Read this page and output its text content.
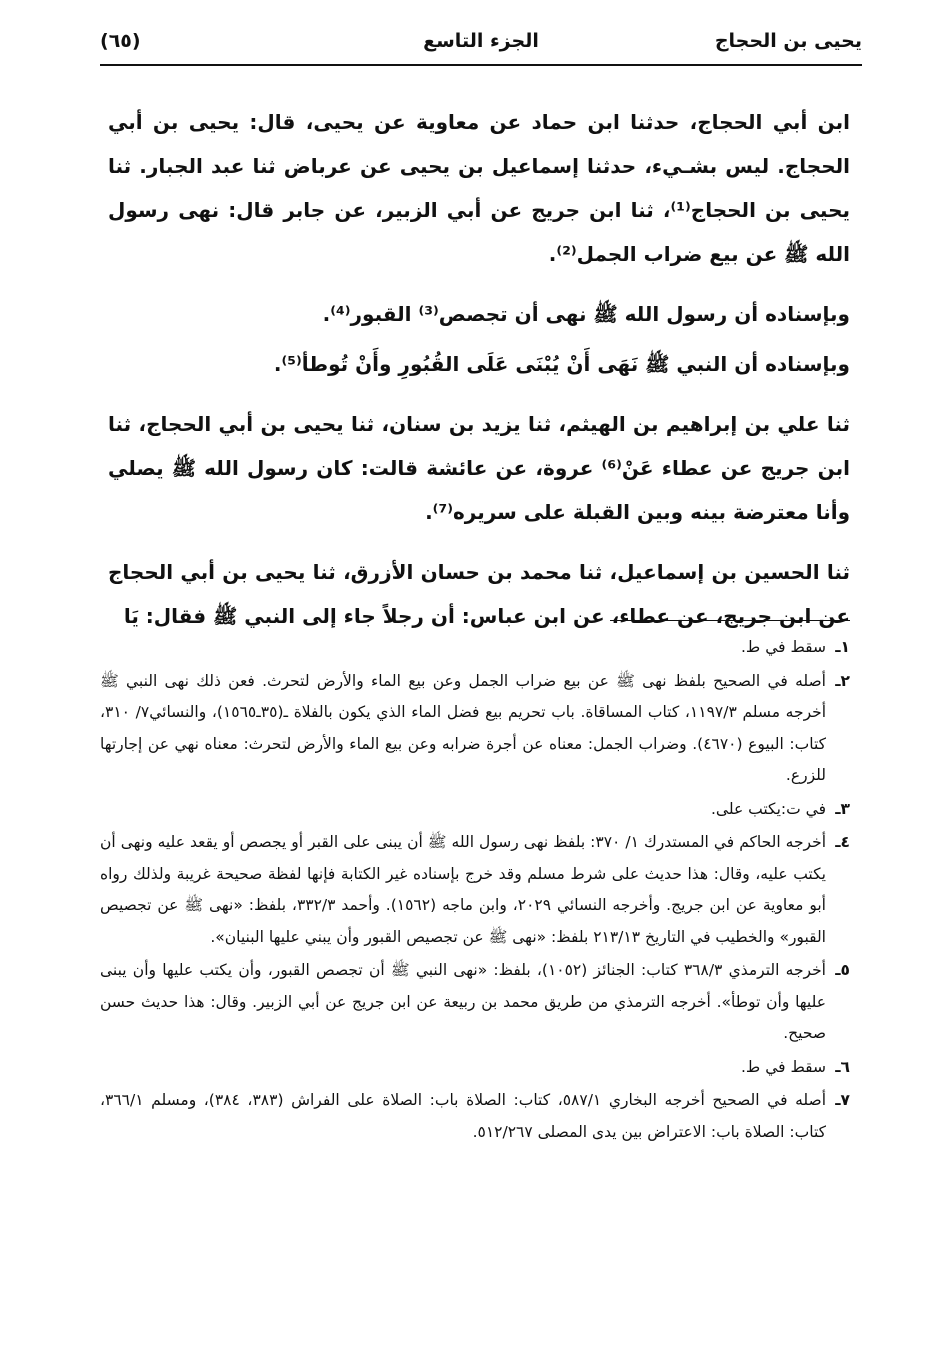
يحيى بن الحجاج
الجزء التاسع
(٦٥)

ابن أبي الحجاج، حدثنا ابن حماد عن معاوية عن يحيى، قال: يحيى بن أبي الحجاج. ليس بشـيء، حدثنا إسماعيل بن يحيى عن عرباض ثنا عبد الجبار. ثنا يحيى بن الحجاج⁽¹⁾، ثنا ابن جريج عن أبي الزبير، عن جابر قال: نهى رسول الله ﷺ عن بيع ضراب الجمل⁽²⁾.

وبإسناده أن رسول الله ﷺ نهى أن تجصص⁽³⁾ القبور⁽⁴⁾.

وبإسناده أن النبي ﷺ نَهَى أَنْ يُبْنَى عَلَى القُبُورِ وأَنْ تُوطأ⁽⁵⁾.

ثنا علي بن إبراهيم بن الهيثم، ثنا يزيد بن سنان، ثنا يحيى بن أبي الحجاج، ثنا ابن جريج عن عطاء عَنْ⁽⁶⁾ عروة، عن عائشة قالت: كان رسول الله ﷺ يصلي وأنا معترضة بينه وبين القبلة على سريره⁽⁷⁾.

ثنا الحسين بن إسماعيل، ثنا محمد بن حسان الأزرق، ثنا يحيى بن أبي الحجاج عن ابن جريج، عن عطاء، عن ابن عباس: أن رجلاً جاء إلى النبي ﷺ فقال: يَا

١ـ
سقط في ط.
٢ـ
أصله في الصحيح بلفظ نهى ﷺ عن بيع ضراب الجمل وعن بيع الماء والأرض لتحرث. فعن ذلك نهى النبي ﷺ أخرجه مسلم ١١٩٧/٣، كتاب المساقاة. باب تحريم بيع فضل الماء الذي يكون بالفلاة ـ(٣٥ـ١٥٦٥)، والنسائي٧/ ٣١٠، كتاب: البيوع (٤٦٧٠). وضراب الجمل: معناه عن أجرة ضرابه وعن بيع الماء والأرض لتحرث: معناه نهي عن إجارتها للزرع.
٣ـ
في ت:يكتب على.
٤ـ
أخرجه الحاكم في المستدرك ١/ ٣٧٠: بلفظ نهى رسول الله ﷺ أن يبنى على القبر أو يجصص أو يقعد عليه ونهى أن يكتب عليه، وقال: هذا حديث على شرط مسلم وقد خرج بإسناده غير الكتابة فإنها لفظة صحيحة غريبة ولذلك رواه أبو معاوية عن ابن جريج. وأخرجه النسائي ٢٠٢٩، وابن ماجه (١٥٦٢). وأحمد ٣٣٢/٣، بلفظ: «نهى ﷺ عن تجصيص القبور» والخطيب في التاريخ ٢١٣/١٣ بلفظ: «نهى ﷺ عن تجصيص القبور وأن يبني عليها البنيان».
٥ـ
أخرجه الترمذي ٣٦٨/٣ كتاب: الجنائز (١٠٥٢)، بلفظ: «نهى النبي ﷺ أن تجصص القبور، وأن يكتب عليها وأن يبنى عليها وأن توطأ». أخرجه الترمذي من طريق محمد بن ربيعة عن ابن جريج عن أبي الزبير. وقال: هذا حديث حسن صحيح.
٦ـ
سقط في ط.
٧ـ
أصله في الصحيح أخرجه البخاري ٥٨٧/١، كتاب: الصلاة باب: الصلاة على الفراش (٣٨٣، ٣٨٤)، ومسلم ٣٦٦/١، كتاب: الصلاة باب: الاعتراض بين يدى المصلى ٥١٢/٢٦٧.
